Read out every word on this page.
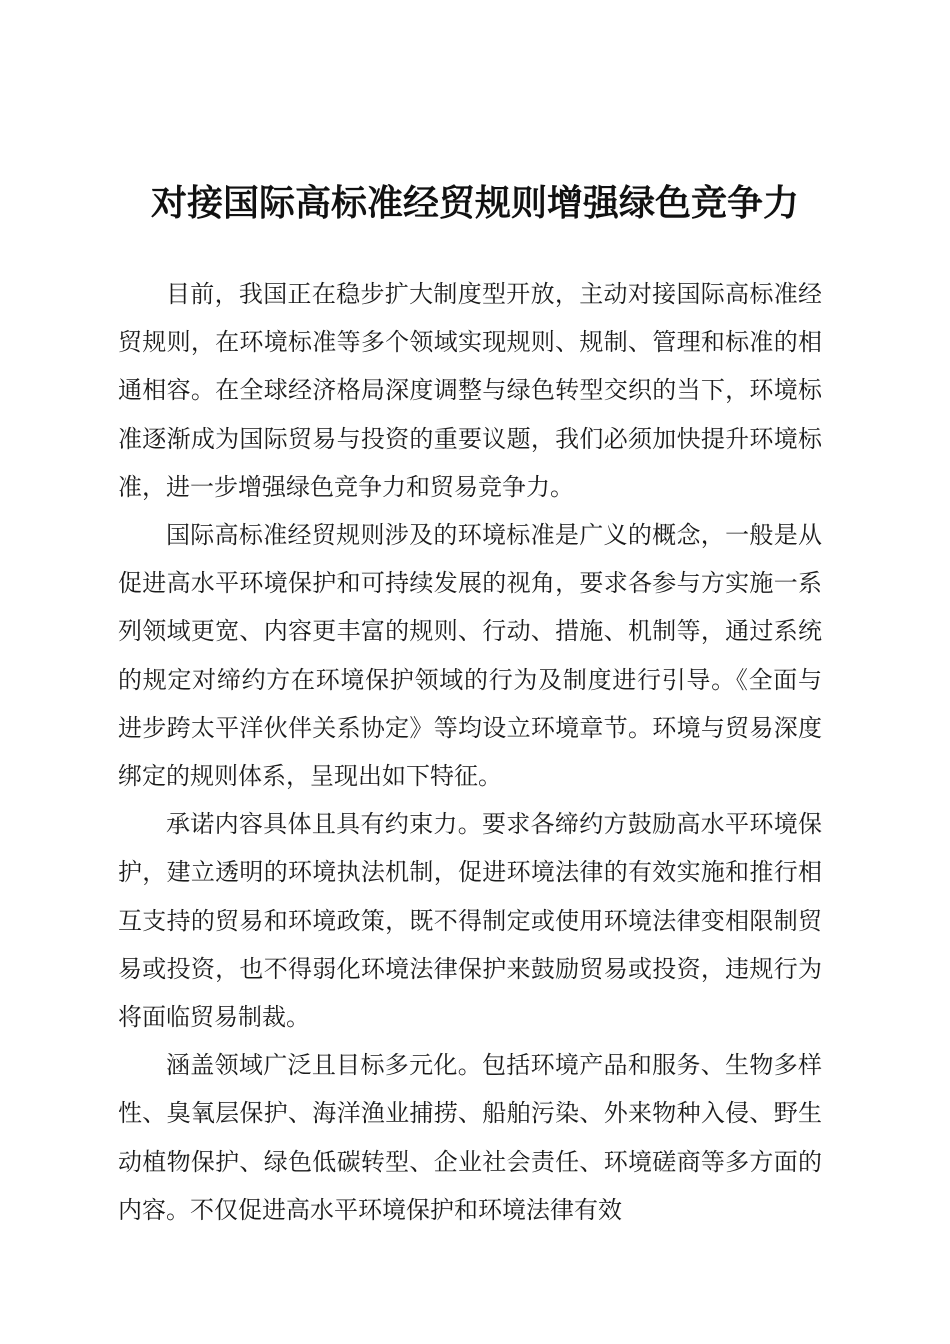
对接国际高标准经贸规则增强绿色竞争力

目前，我国正在稳步扩大制度型开放，主动对接国际高标准经贸规则，在环境标准等多个领域实现规则、规制、管理和标准的相通相容。在全球经济格局深度调整与绿色转型交织的当下，环境标准逐渐成为国际贸易与投资的重要议题，我们必须加快提升环境标准，进一步增强绿色竞争力和贸易竞争力。

国际高标准经贸规则涉及的环境标准是广义的概念，一般是从促进高水平环境保护和可持续发展的视角，要求各参与方实施一系列领域更宽、内容更丰富的规则、行动、措施、机制等，通过系统的规定对缔约方在环境保护领域的行为及制度进行引导。《全面与进步跨太平洋伙伴关系协定》等均设立环境章节。环境与贸易深度绑定的规则体系，呈现出如下特征。

承诺内容具体且具有约束力。要求各缔约方鼓励高水平环境保护，建立透明的环境执法机制，促进环境法律的有效实施和推行相互支持的贸易和环境政策，既不得制定或使用环境法律变相限制贸易或投资，也不得弱化环境法律保护来鼓励贸易或投资，违规行为将面临贸易制裁。

涵盖领域广泛且目标多元化。包括环境产品和服务、生物多样性、臭氧层保护、海洋渔业捕捞、船舶污染、外来物种入侵、野生动植物保护、绿色低碳转型、企业社会责任、环境磋商等多方面的内容。不仅促进高水平环境保护和环境法律有效
